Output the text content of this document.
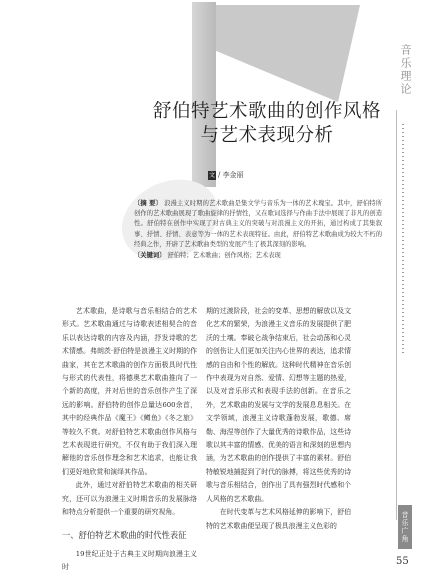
音乐理论
音乐广角
55
舒伯特艺术歌曲的创作风格
与艺术表现分析
文 / 李金丽
〔摘 要〕 浪漫主义时期的艺术歌曲是集文学与音乐为一体的艺术瑰宝。其中，舒伯特所创作的艺术歌曲展现了歌曲旋律的抒情性，又在歌词选择与作曲手法中展现了非凡的创造性。舒伯特在创作中实现了对古典主义的突破与对浪漫主义的开拓，通过构成了其集叙事、抒情、抒情、表意等为一体的艺术表现特征。由此，舒伯特艺术歌曲成为较大不朽的经典之作，开辟了艺术歌曲类型的发展产生了极其深刻的影响。
〔关键词〕 舒伯特；艺术歌曲；创作风格；艺术表现

艺术歌曲，是诗歌与音乐相结合的艺术形式。艺术歌曲通过与诗歌表述相契合的音乐以表达诗歌的内容及内涵，抒发诗歌的艺术情感。弗朗茨·舒伯特是浪漫主义时期的作曲家，其在艺术歌曲的创作方面极具时代性与形式的代表性，将德奥艺术歌曲推向了一个新的高度，并对后世的音乐创作产生了深远的影响。舒伯特的创作总量达600余首，其中的经典作品《魔王》《鳟鱼》《冬之旅》等较久不衰。对舒伯特艺术歌曲创作风格与艺术表现进行研究，不仅有助于我们深入理解他的音乐创作理念和艺术追求，也能让我们更好地欣赏和演绎其作品。

此外，通过对舒伯特艺术歌曲的相关研究，还可以为浪漫主义时期音乐的发展脉络和特点分析提供一个重要的研究视角。

一、舒伯特艺术歌曲的时代性表征

19世纪正处于古典主义时期向浪漫主义时

期的过渡阶段，社会的变革、思想的解放以及文化艺术的繁荣，为浪漫主义音乐的发展提供了肥沃的土壤。奉破仑战争结束后，社会动荡和心灵的创伤让人们更加关注内心世界的表达，追求情感的自由和个性的解放。这种时代精神在音乐创作中表现为对自然、爱情、幻想等主题的热爱，以及对音乐形式和表现手法的创新。在音乐之外，艺术歌曲的发展与文学的发展息息相关。在文学领域，浪漫主义诗歌蓬勃发展，歌德、席勒、海涅等创作了大量优秀的诗歌作品，这些诗歌以其丰富的情感、优美的语言和深刻的思想内涵，为艺术歌曲的创作提供了丰富的素材。舒伯特敏锐地捕捉到了时代的脉搏，将这些优秀的诗歌与音乐相结合，创作出了具有强烈时代感和个人风格的艺术歌曲。

在时代变革与艺术风格延伸的影响下，舒伯特的艺术歌曲便呈现了极具浪漫主义色彩的
